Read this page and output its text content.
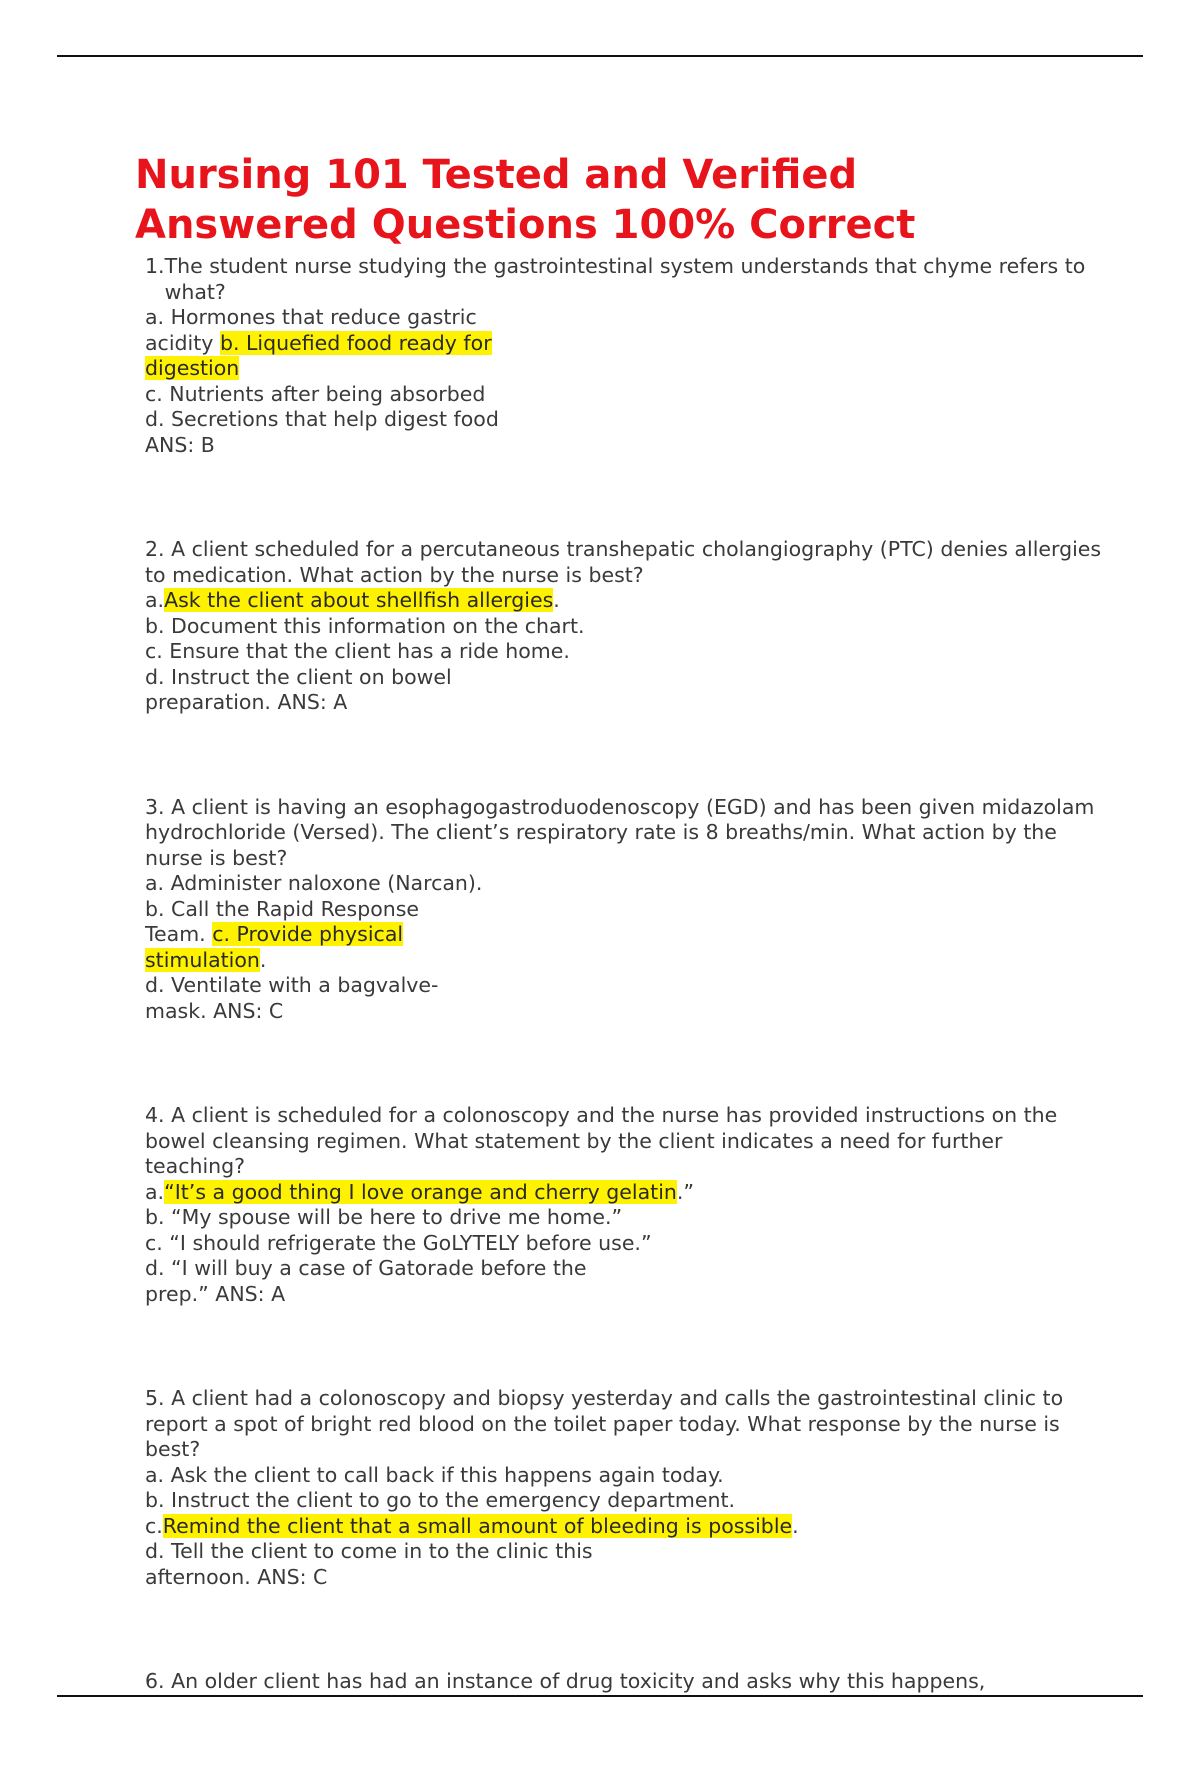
Nursing 101 Tested and Verified
Answered Questions 100% Correct
1. The student nurse studying the gastrointestinal system understands that chyme refers to what?
a. Hormones that reduce gastric acidity b. Liquefied food ready for digestion
c. Nutrients after being absorbed
d. Secretions that help digest food ANS: B
2. A client scheduled for a percutaneous transhepatic cholangiography (PTC) denies allergies to medication. What action by the nurse is best?
a.Ask the client about shellfish allergies.
b. Document this information on the chart.
c. Ensure that the client has a ride home.
d. Instruct the client on bowel preparation. ANS: A
3. A client is having an esophagogastroduodenoscopy (EGD) and has been given midazolam hydrochloride (Versed). The client’s respiratory rate is 8 breaths/min. What action by the nurse is best?
a. Administer naloxone (Narcan).
b. Call the Rapid Response Team. c. Provide physical stimulation.
d. Ventilate with a bagvalve-mask. ANS: C
4. A client is scheduled for a colonoscopy and the nurse has provided instructions on the bowel cleansing regimen. What statement by the client indicates a need for further teaching?
a.“It’s a good thing I love orange and cherry gelatin.”
b. “My spouse will be here to drive me home.”
c. “I should refrigerate the GoLYTELY before use.”
d. “I will buy a case of Gatorade before the prep.” ANS: A
5. A client had a colonoscopy and biopsy yesterday and calls the gastrointestinal clinic to report a spot of bright red blood on the toilet paper today. What response by the nurse is best?
a. Ask the client to call back if this happens again today.
b. Instruct the client to go to the emergency department.
c.Remind the client that a small amount of bleeding is possible.
d. Tell the client to come in to the clinic this afternoon. ANS: C
6. An older client has had an instance of drug toxicity and asks why this happens,
